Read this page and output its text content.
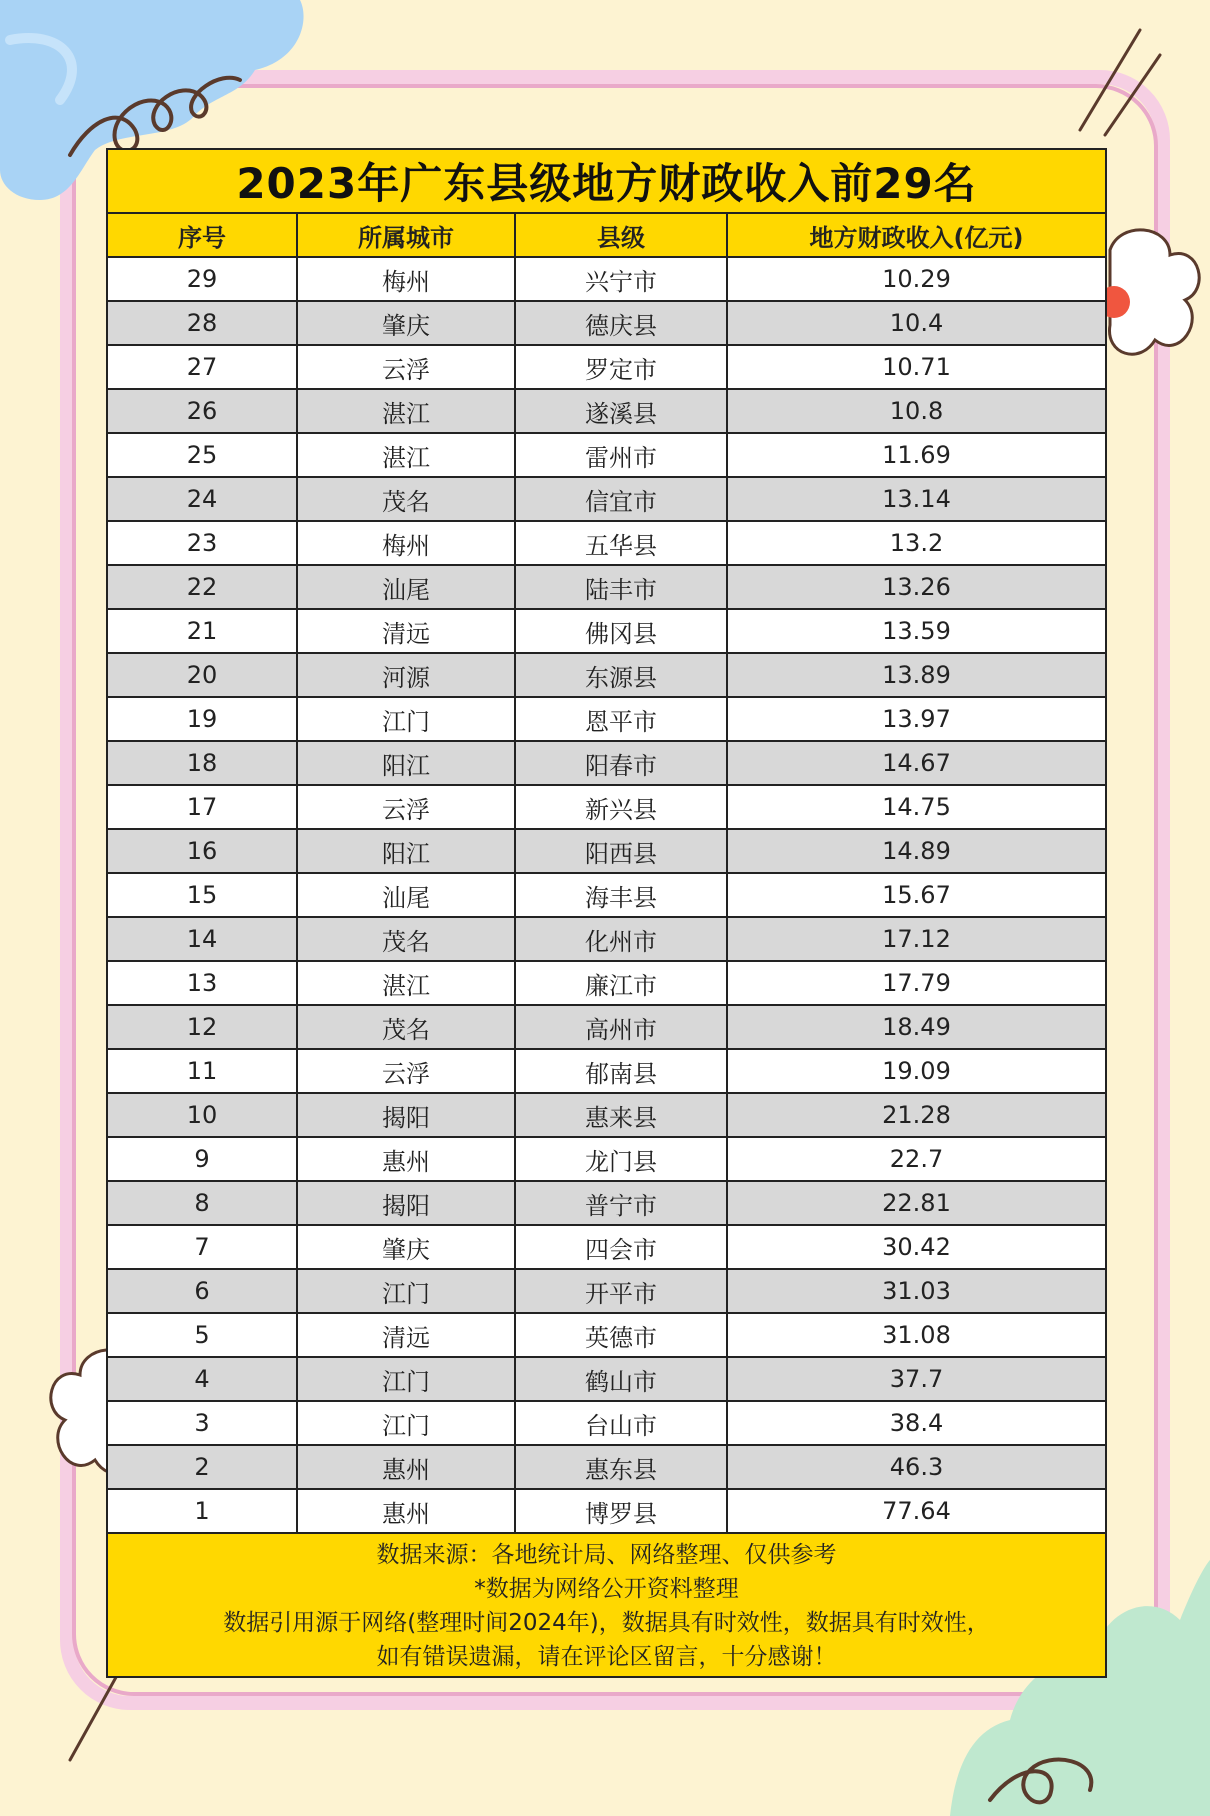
2023年广东县级地方财政收入前29名
序号	所属城市	县级	地方财政收入(亿元)
29	梅州	兴宁市	10.29
28	肇庆	德庆县	10.4
27	云浮	罗定市	10.71
26	湛江	遂溪县	10.8
25	湛江	雷州市	11.69
24	茂名	信宜市	13.14
23	梅州	五华县	13.2
22	汕尾	陆丰市	13.26
21	清远	佛冈县	13.59
20	河源	东源县	13.89
19	江门	恩平市	13.97
18	阳江	阳春市	14.67
17	云浮	新兴县	14.75
16	阳江	阳西县	14.89
15	汕尾	海丰县	15.67
14	茂名	化州市	17.12
13	湛江	廉江市	17.79
12	茂名	高州市	18.49
11	云浮	郁南县	19.09
10	揭阳	惠来县	21.28
9	惠州	龙门县	22.7
8	揭阳	普宁市	22.81
7	肇庆	四会市	30.42
6	江门	开平市	31.03
5	清远	英德市	31.08
4	江门	鹤山市	37.7
3	江门	台山市	38.4
2	惠州	惠东县	46.3
1	惠州	博罗县	77.64
数据来源：各地统计局、网络整理、仅供参考
*数据为网络公开资料整理
数据引用源于网络(整理时间2024年)，数据具有时效性，数据具有时效性，
如有错误遗漏，请在评论区留言，十分感谢！
